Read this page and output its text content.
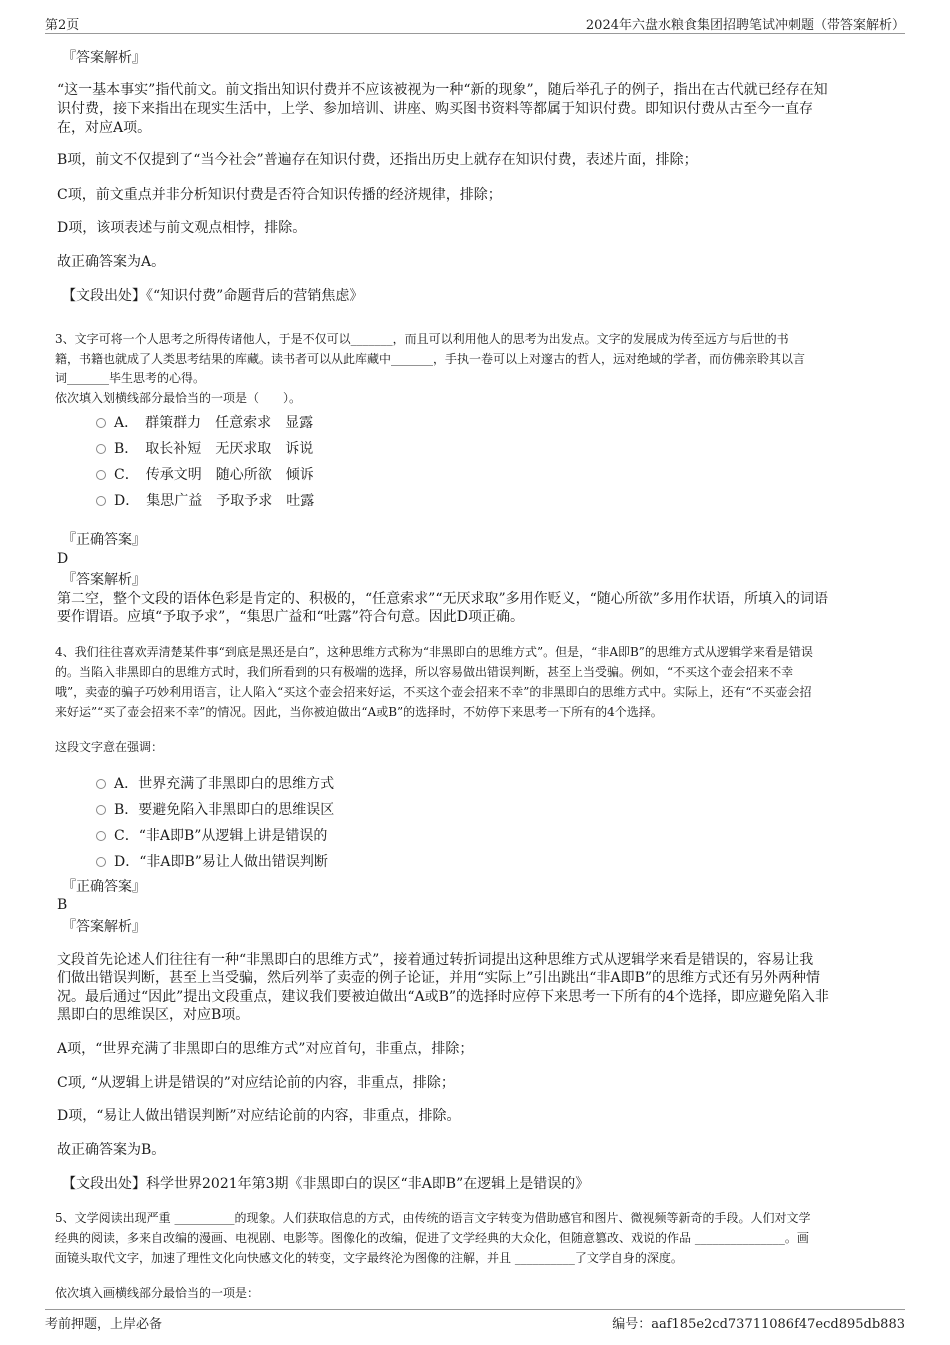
第2页	2024年六盘水粮食集团招聘笔试冲刺题（带答案解析）
『答案解析』
“这一基本事实”指代前文。前文指出知识付费并不应该被视为一种“新的现象”，随后举孔子的例子，指出在古代就已经存在知
识付费，接下来指出在现实生活中，上学、参加培训、讲座、购买图书资料等都属于知识付费。即知识付费从古至今一直存
在，对应A项。
B项，前文不仅提到了“当今社会”普遍存在知识付费，还指出历史上就存在知识付费，表述片面，排除；
C项，前文重点并非分析知识付费是否符合知识传播的经济规律，排除；
D项，该项表述与前文观点相悖，排除。
故正确答案为A。
【文段出处】《“知识付费”命题背后的营销焦虑》
3、文字可将一个人思考之所得传诸他人，于是不仅可以_______，而且可以利用他人的思考为出发点。文字的发展成为传至远方与后世的书
籍，书籍也就成了人类思考结果的库藏。读书者可以从此库藏中_______，手执一卷可以上对邃古的哲人，远对绝域的学者，而仿佛亲聆其以言
词_______毕生思考的心得。
依次填入划横线部分最恰当的一项是（　　）。
A．　群策群力　任意索求　显露
B．　取长补短　无厌求取　诉说
C．　传承文明　随心所欲　倾诉
D．　集思广益　予取予求　吐露
『正确答案』
D
『答案解析』
第二空，整个文段的语体色彩是肯定的、积极的，“任意索求”“无厌求取”多用作贬义，“随心所欲”多用作状语，所填入的词语
要作谓语。应填“予取予求”，“集思广益和“吐露”符合句意。因此D项正确。
4、我们往往喜欢弄清楚某件事“到底是黑还是白”，这种思维方式称为“非黑即白的思维方式”。但是，“非A即B”的思维方式从逻辑学来看是错误
的。当陷入非黑即白的思维方式时，我们所看到的只有极端的选择，所以容易做出错误判断，甚至上当受骗。例如，“不买这个壶会招来不幸
哦”，卖壶的骗子巧妙利用语言，让人陷入“买这个壶会招来好运，不买这个壶会招来不幸”的非黑即白的思维方式中。实际上，还有“不买壶会招
来好运”“买了壶会招来不幸”的情况。因此，当你被迫做出“A或B”的选择时，不妨停下来思考一下所有的4个选择。
这段文字意在强调：
A．世界充满了非黑即白的思维方式
B．要避免陷入非黑即白的思维误区
C．“非A即B”从逻辑上讲是错误的
D．“非A即B”易让人做出错误判断
『正确答案』
B
『答案解析』
文段首先论述人们往往有一种“非黑即白的思维方式”，接着通过转折词提出这种思维方式从逻辑学来看是错误的，容易让我
们做出错误判断，甚至上当受骗，然后列举了卖壶的例子论证，并用“实际上”引出跳出“非A即B”的思维方式还有另外两种情
况。最后通过“因此”提出文段重点，建议我们要被迫做出“A或B”的选择时应停下来思考一下所有的4个选择，即应避免陷入非
黑即白的思维误区，对应B项。
A项，“世界充满了非黑即白的思维方式”对应首句，非重点，排除；
C项, “从逻辑上讲是错误的”对应结论前的内容，非重点，排除；
D项，“易让人做出错误判断”对应结论前的内容，非重点，排除。
故正确答案为B。
【文段出处】科学世界2021年第3期《非黑即白的误区“非A即B”在逻辑上是错误的》
5、文学阅读出现严重 __________的现象。人们获取信息的方式，由传统的语言文字转变为借助感官和图片、微视频等新奇的手段。人们对文学
经典的阅读，多来自改编的漫画、电视剧、电影等。图像化的改编，促进了文学经典的大众化，但随意篡改、戏说的作品 _______________。画
面镜头取代文字，加速了理性文化向快感文化的转变，文字最终沦为图像的注解，并且 __________了文学自身的深度。
依次填入画横线部分最恰当的一项是：
考前押题，上岸必备	编号：aaf185e2cd73711086f47ecd895db883
